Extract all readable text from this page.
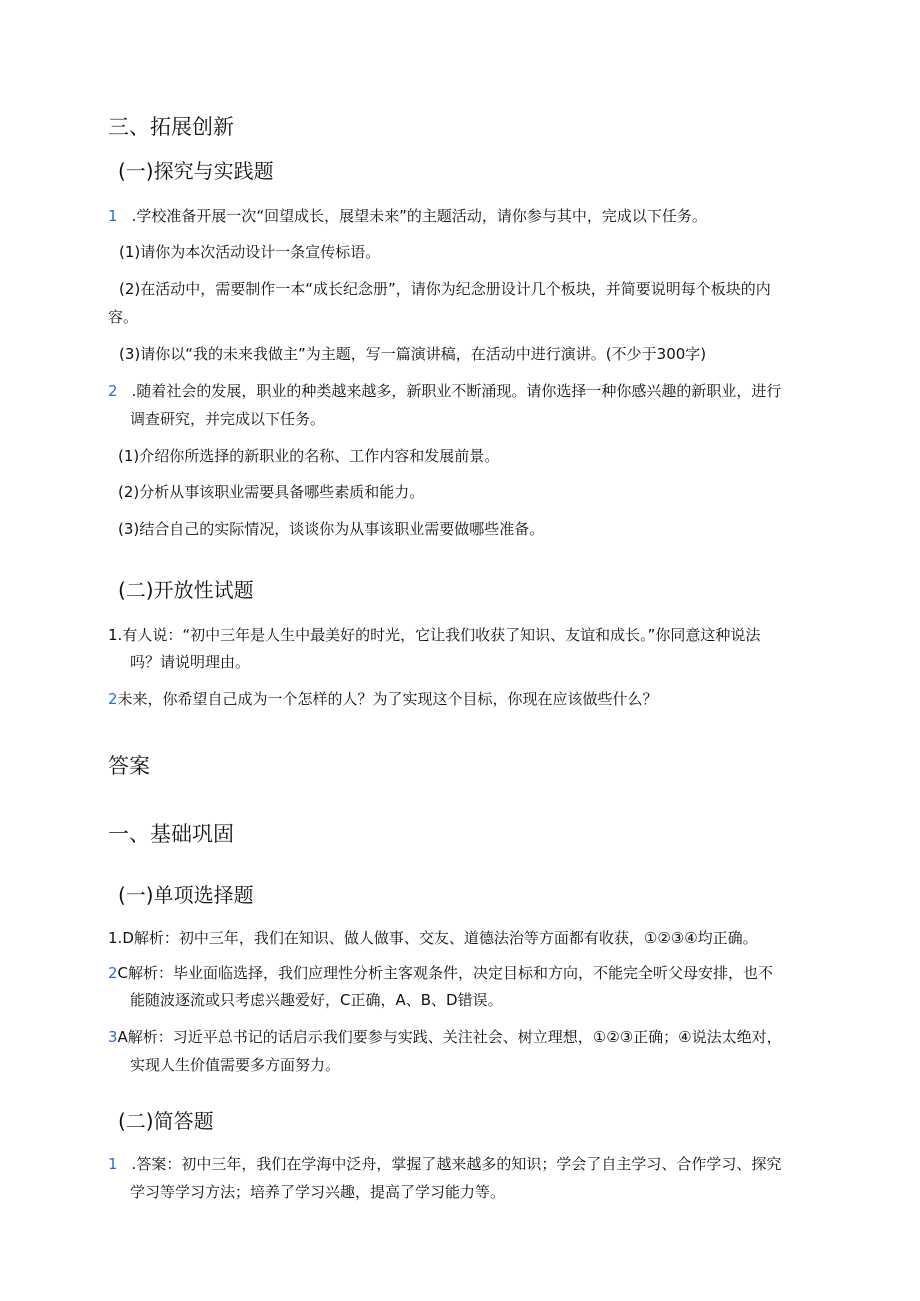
三、拓展创新
(一)探究与实践题
1 .学校准备开展一次“回望成长，展望未来”的主题活动，请你参与其中，完成以下任务。
(1)请你为本次活动设计一条宣传标语。
(2)在活动中，需要制作一本“成长纪念册”，请你为纪念册设计几个板块，并简要说明每个板块的内
容。
(3)请你以“我的未来我做主”为主题，写一篇演讲稿，在活动中进行演讲。(不少于300字)
2 .随着社会的发展，职业的种类越来越多，新职业不断涌现。请你选择一种你感兴趣的新职业，进行
调查研究，并完成以下任务。
(1)介绍你所选择的新职业的名称、工作内容和发展前景。
(2)分析从事该职业需要具备哪些素质和能力。
(3)结合自己的实际情况，谈谈你为从事该职业需要做哪些准备。
(二)开放性试题
1.有人说：“初中三年是人生中最美好的时光，它让我们收获了知识、友谊和成长。”你同意这种说法
吗？请说明理由。
2未来，你希望自己成为一个怎样的人？为了实现这个目标，你现在应该做些什么？
答案
一、基础巩固
(一)单项选择题
1.D解析：初中三年，我们在知识、做人做事、交友、道德法治等方面都有收获，①②③④均正确。
2C解析：毕业面临选择，我们应理性分析主客观条件，决定目标和方向，不能完全听父母安排，也不
能随波逐流或只考虑兴趣爱好，C正确，A、B、D错误。
3A解析：习近平总书记的话启示我们要参与实践、关注社会、树立理想，①②③正确；④说法太绝对，
实现人生价值需要多方面努力。
(二)简答题
1 .答案：初中三年，我们在学海中泛舟，掌握了越来越多的知识；学会了自主学习、合作学习、探究
学习等学习方法；培养了学习兴趣，提高了学习能力等。
